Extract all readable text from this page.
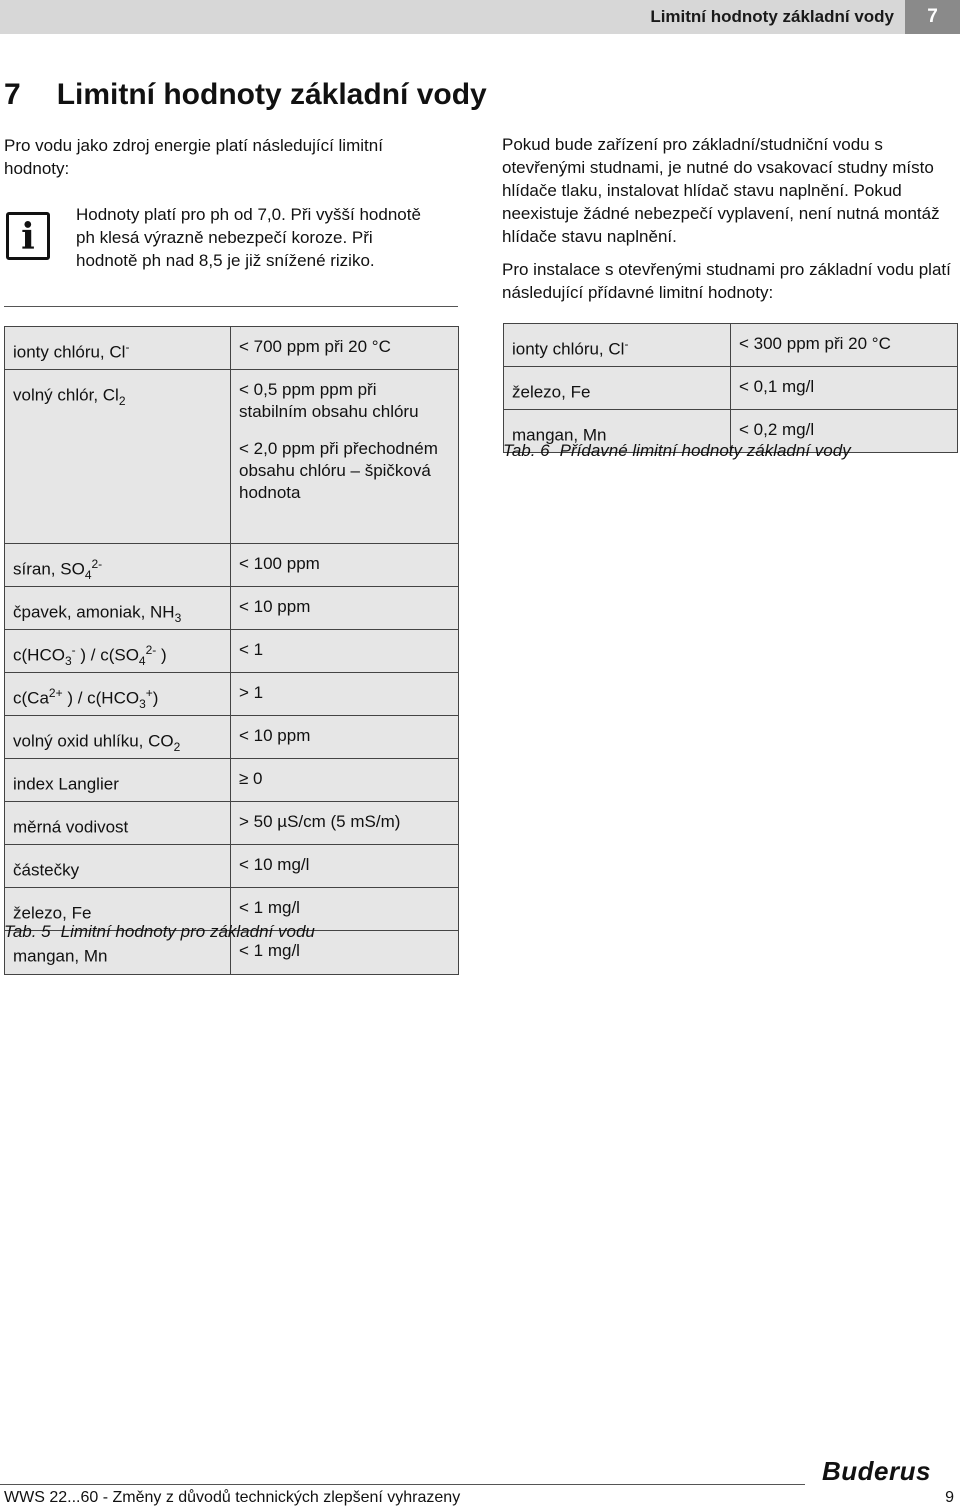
Limitní hodnoty základní vody	7
7 Limitní hodnoty základní vody
Pro vodu jako zdroj energie platí následující limitní hodnoty:
i
Hodnoty platí pro ph od 7,0. Při vyšší hodnotě ph klesá výrazně nebezpečí koroze. Při hodnotě ph nad 8,5 je již snížené riziko.
ionty chlóru, Cl-	< 700 ppm při 20 °C

volný chlór, $Cl_2$	< 0,5 ppm ppm při stabilním obsahu chlóru
< 2,0 ppm při přechodném obsahu chlóru – špičková hodnota

síran, $SO_4^{2-}$	< 100 ppm

čpavek, amoniak, $NH_3$	< 10 ppm

$c(HCO_3^-$ ) / $c(SO_4^{2-}$ )	< 1

$c(Ca^{2+}$ ) / $c(HCO_3^+)$	> 1

volný oxid uhlíku, $CO_2$	< 10 ppm

index Langlier	≥ 0

měrná vodivost	> 50 µS/cm (5 mS/m)

částečky	< 10 mg/l

železo, Fe	< 1 mg/l

mangan, Mn	< 1 mg/l
Tab. 5 Limitní hodnoty pro základní vodu
Pokud bude zařízení pro základní/studniční vodu s otevřenými studnami, je nutné do vsakovací studny místo hlídače tlaku, instalovat hlídač stavu naplnění. Pokud neexistuje žádné nebezpečí vyplavení, není nutná montáž hlídače stavu naplnění.
Pro instalace s otevřenými studnami pro základní vodu platí následující přídavné limitní hodnoty:
ionty chlóru, Cl-	< 300 ppm při 20 °C

železo, Fe	< 0,1 mg/l

mangan, Mn	< 0,2 mg/l
Tab. 6 Přídavné limitní hodnoty základní vody
Buderus
WWS 22...60 - Změny z důvodů technických zlepšení vyhrazeny	9
